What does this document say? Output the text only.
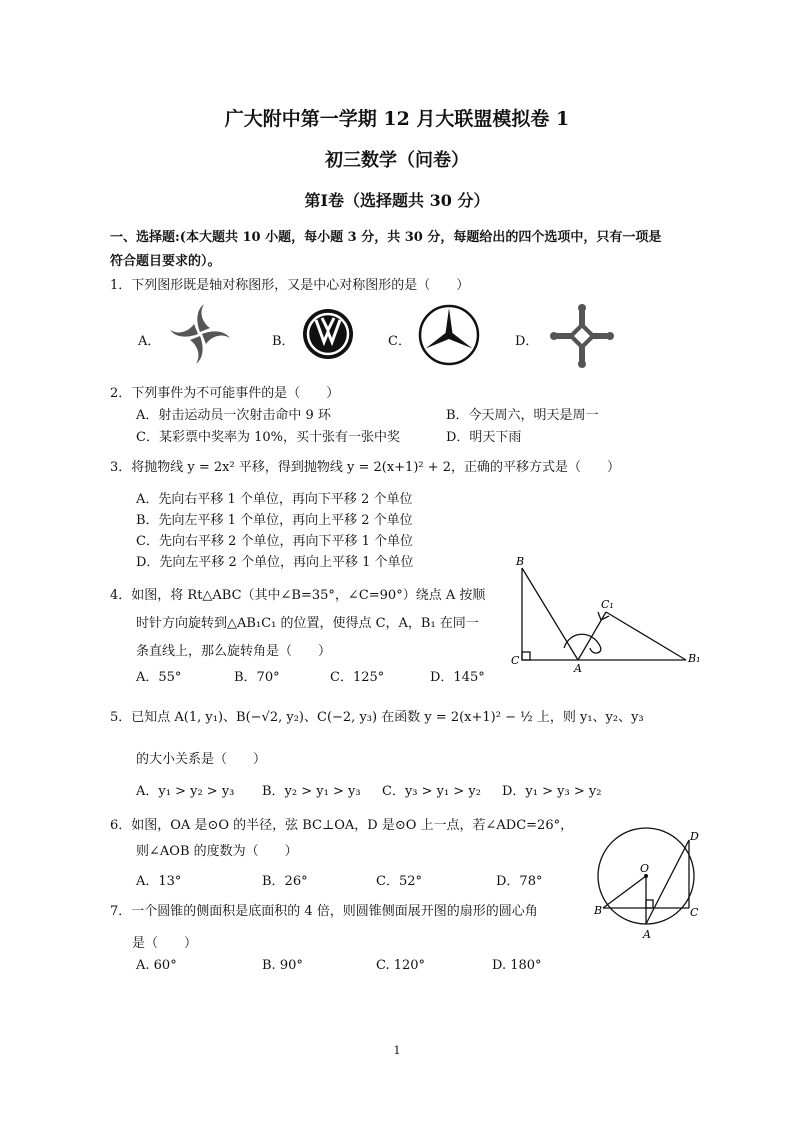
广大附中第一学期 12 月大联盟模拟卷 1
初三数学（问卷）
第Ⅰ卷（选择题共 30 分）
一、选择题:(本大题共 10 小题，每小题 3 分，共 30 分，每题给出的四个选项中，只有一项是
符合题目要求的）。
1．下列图形既是轴对称图形，又是中心对称图形的是（　　）
A．	B．	C．	D．
2．下列事件为不可能事件的是（　　）
A．射击运动员一次射击命中 9 环	B．今天周六，明天是周一
C．某彩票中奖率为 10%，买十张有一张中奖	D．明天下雨
3．将抛物线 y = 2x² 平移，得到抛物线 y = 2(x+1)² + 2，正确的平移方式是（　　）
A．先向右平移 1 个单位，再向下平移 2 个单位
B．先向左平移 1 个单位，再向上平移 2 个单位
C．先向右平移 2 个单位，再向下平移 1 个单位
D．先向左平移 2 个单位，再向上平移 1 个单位
4．如图，将 Rt△ABC（其中∠B=35°，∠C=90°）绕点 A 按顺
时针方向旋转到△AB₁C₁ 的位置，使得点 C，A，B₁ 在同一
条直线上，那么旋转角是（　　）
A．55°	B．70°	C．125°	D．145°
B
C₁
C
A
B₁
5．已知点 A(1, y₁)、B(−√2, y₂)、C(−2, y₃) 在函数 y = 2(x+1)² − ½ 上，则 y₁、y₂、y₃
的大小关系是（　　）
A．y₁ > y₂ > y₃ B．y₂ > y₁ > y₃ C．y₃ > y₁ > y₂ D．y₁ > y₃ > y₂
6．如图，OA 是⊙O 的半径，弦 BC⊥OA，D 是⊙O 上一点，若∠ADC=26°，
则∠AOB 的度数为（　　）
A．13°	B．26°	C．52°	D．78°
D
O
B	C
A
7．一个圆锥的侧面积是底面积的 4 倍，则圆锥侧面展开图的扇形的圆心角
是（　　）
A. 60°	B. 90°	C. 120°	D. 180°
1
